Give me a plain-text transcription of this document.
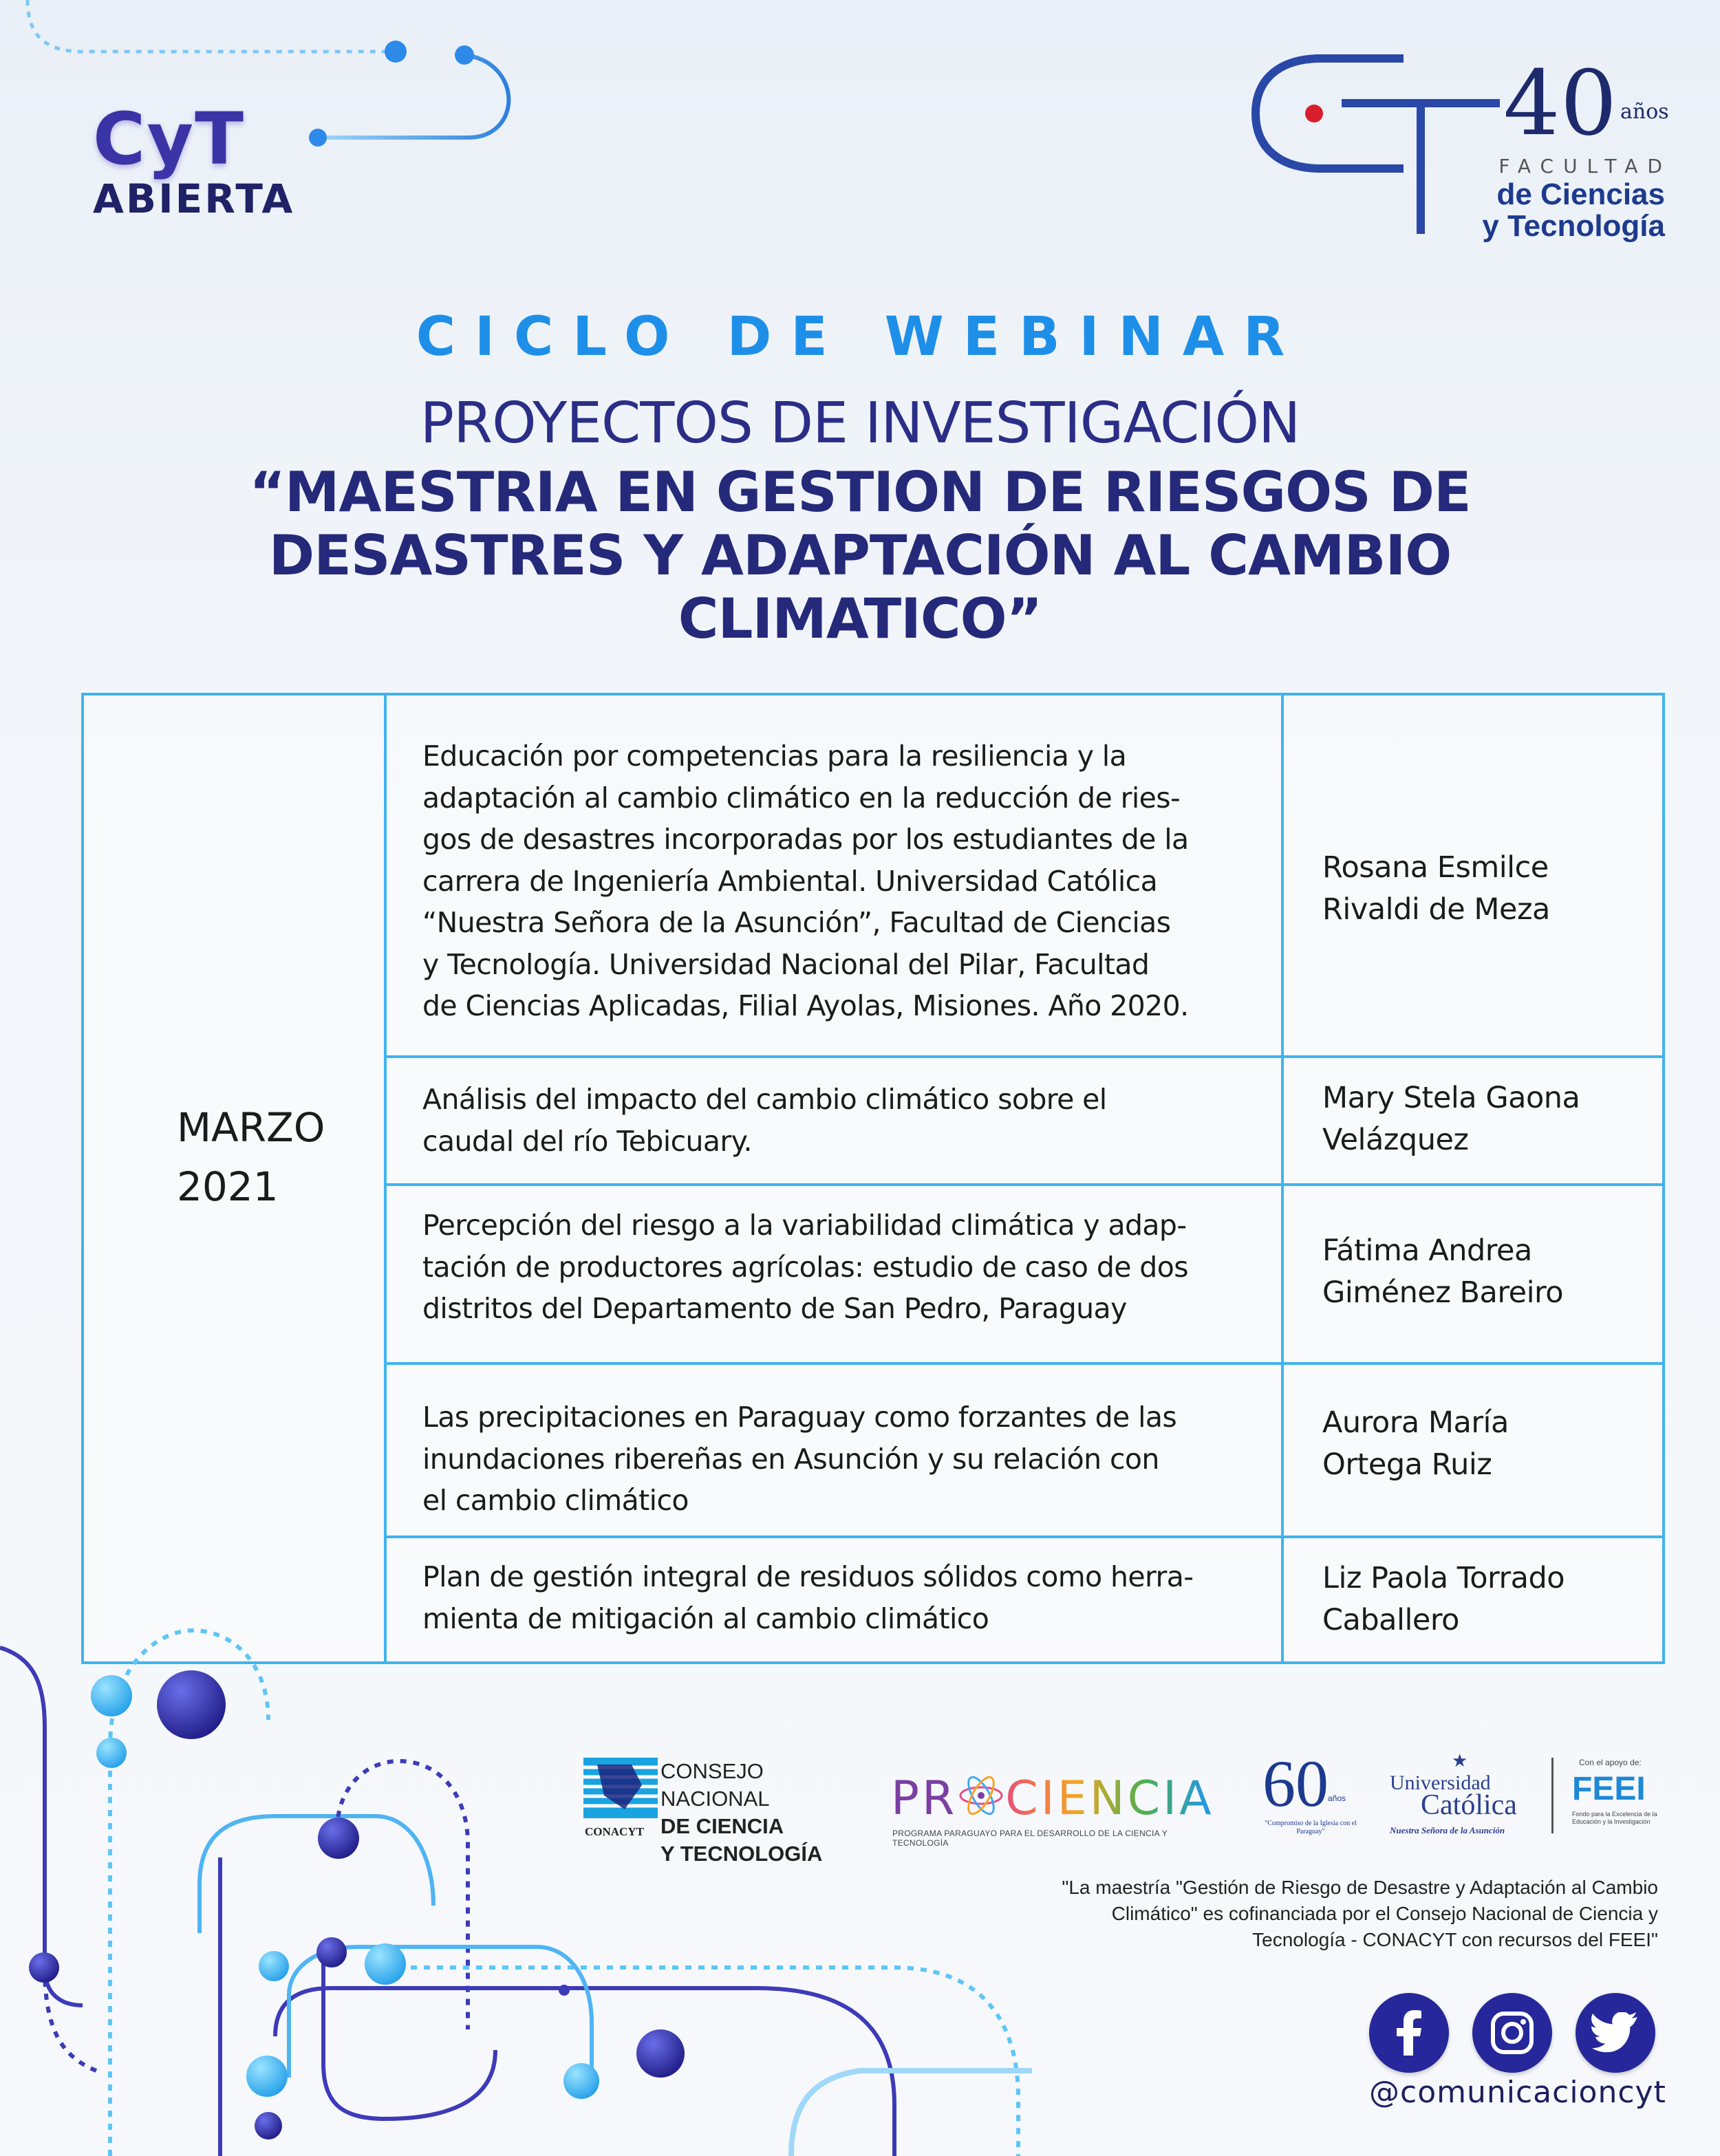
CyT
ABIERTA
40 años
FACULTAD
de Ciencias
y Tecnología
CICLO DE WEBINAR
PROYECTOS DE INVESTIGACIÓN
“MAESTRIA EN GESTION DE RIESGOS DE DESASTRES Y ADAPTACIÓN AL CAMBIO CLIMATICO”
MARZO
2021
Educación por competencias para la resiliencia y la
adaptación al cambio climático en la reducción de ries-
gos de desastres incorporadas por los estudiantes de la
carrera de Ingeniería Ambiental. Universidad Católica
“Nuestra Señora de la Asunción”, Facultad de Ciencias
y Tecnología. Universidad Nacional del Pilar, Facultad
de Ciencias Aplicadas, Filial Ayolas, Misiones. Año 2020.
Rosana Esmilce
Rivaldi de Meza
Análisis del impacto del cambio climático sobre el
caudal del río Tebicuary.
Mary Stela Gaona
Velázquez
Percepción del riesgo a la variabilidad climática y adap-
tación de productores agrícolas: estudio de caso de dos
distritos del Departamento de San Pedro, Paraguay
Fátima Andrea
Giménez Bareiro
Las precipitaciones en Paraguay como forzantes de las
inundaciones ribereñas en Asunción y su relación con
el cambio climático
Aurora María
Ortega Ruiz
Plan de gestión integral de residuos sólidos como herra-
mienta de mitigación al cambio climático
Liz Paola Torrado
Caballero
CONACYT
CONSEJO NACIONAL
DE CIENCIA
Y TECNOLOGÍA
PR CIENCIA
PROGRAMA PARAGUAYO PARA EL DESARROLLO DE LA CIENCIA Y TECNOLOGÍA
60 años
"Compromiso de la Iglesia con el Paraguay"
★
Universidad
Católica
Nuestra Señora de la Asunción
Con el apoyo de:
FEEI
Fondo para la Excelencia de la Educación y la Investigación
"La maestría "Gestión de Riesgo de Desastre y Adaptación al Cambio Climático" es cofinanciada por el Consejo Nacional de Ciencia y Tecnología - CONACYT con recursos del FEEI"
@comunicacioncyt
